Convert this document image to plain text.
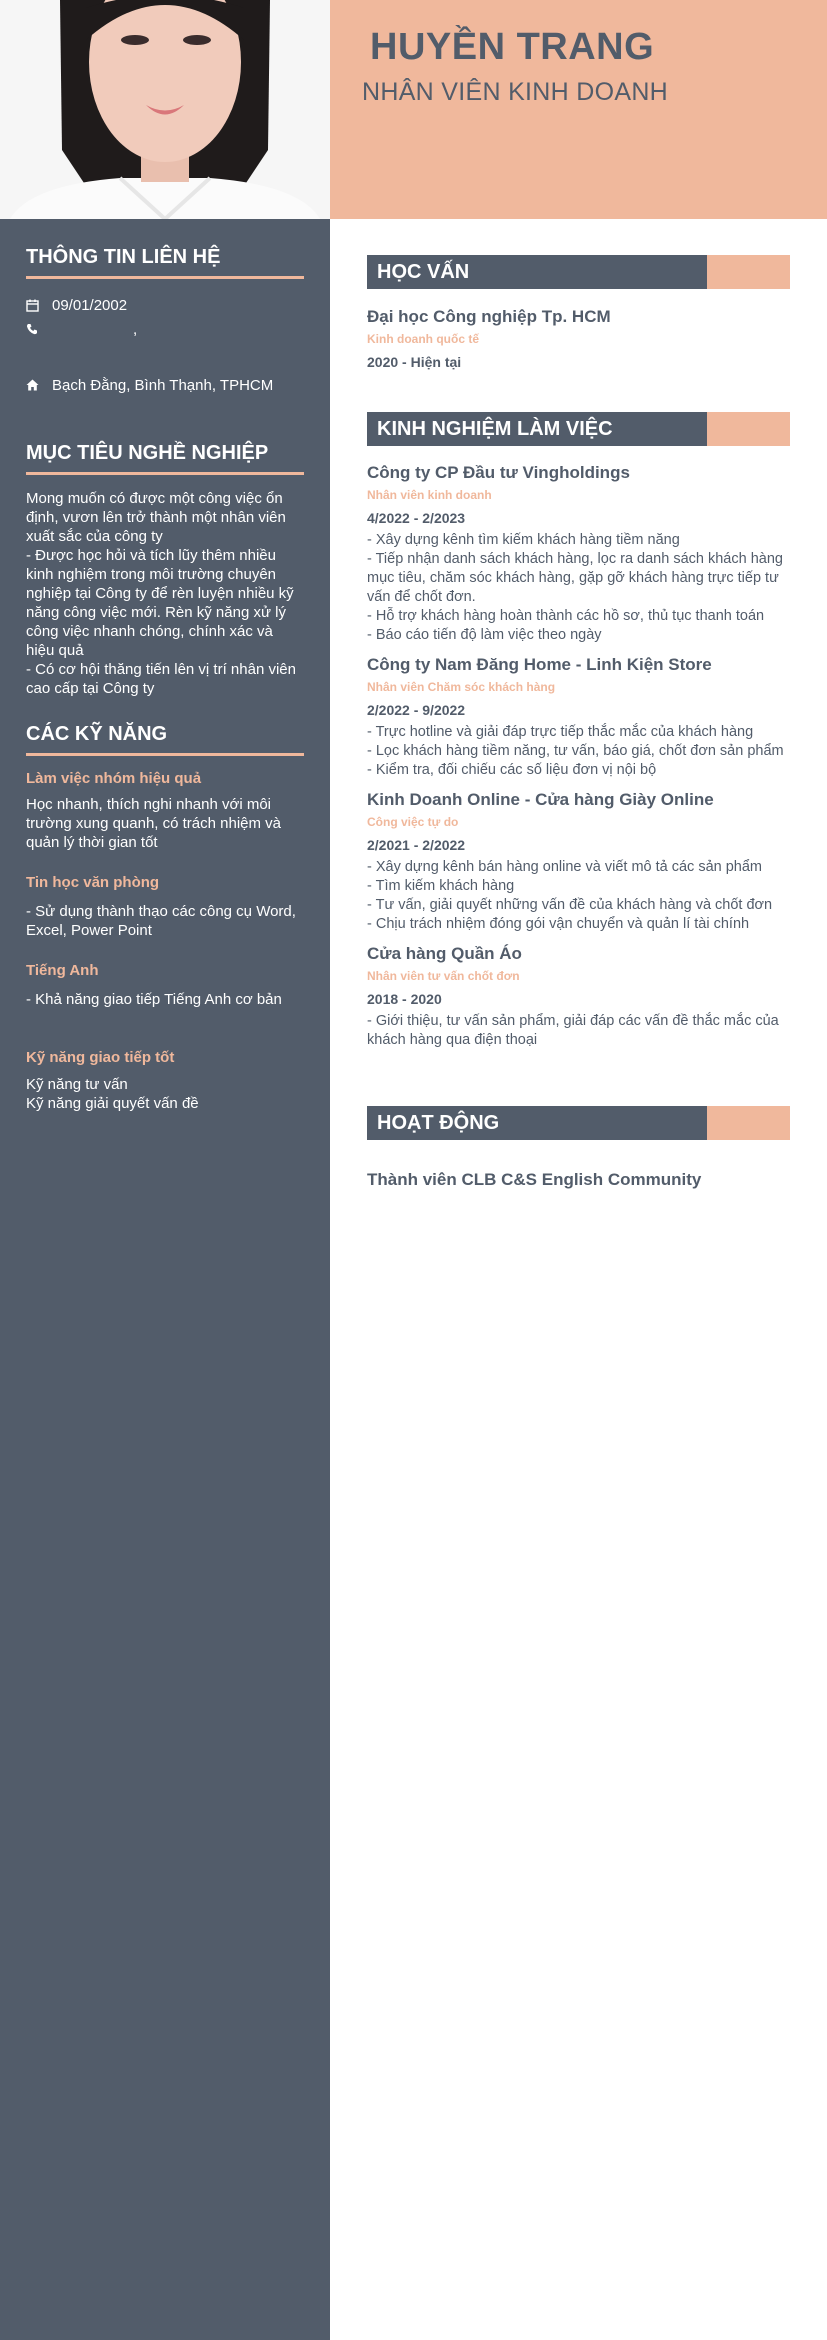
HUYỀN TRANG
NHÂN VIÊN KINH DOANH
THÔNG TIN LIÊN HỆ
09/01/2002
,
Bạch Đằng, Bình Thạnh, TPHCM
MỤC TIÊU NGHỀ NGHIỆP
Mong muốn có được một công việc ổn định, vươn lên trở thành một nhân viên xuất sắc của công ty
- Được học hỏi và tích lũy thêm nhiều kinh nghiệm trong môi trường chuyên nghiệp tại Công ty để rèn luyện nhiều kỹ năng công việc mới. Rèn kỹ năng xử lý công việc nhanh chóng, chính xác và hiệu quả
- Có cơ hội thăng tiến lên vị trí nhân viên cao cấp tại Công ty
CÁC KỸ NĂNG
Làm việc nhóm hiệu quả
Học nhanh, thích nghi nhanh với môi trường xung quanh, có trách nhiệm và quản lý thời gian tốt
Tin học văn phòng
- Sử dụng thành thạo các công cụ Word, Excel, Power Point
Tiếng Anh
- Khả năng giao tiếp Tiếng Anh cơ bản
Kỹ năng giao tiếp tốt
Kỹ năng tư vấn
Kỹ năng giải quyết vấn đề
HỌC VẤN
Đại học Công nghiệp Tp. HCM
Kinh doanh quốc tế
2020 - Hiện tại
KINH NGHIỆM LÀM VIỆC
Công ty CP Đầu tư Vingholdings
Nhân viên kinh doanh
4/2022 - 2/2023
- Xây dựng kênh tìm kiếm khách hàng tiềm năng
- Tiếp nhận danh sách khách hàng, lọc ra danh sách khách hàng mục tiêu, chăm sóc khách hàng, gặp gỡ khách hàng trực tiếp tư vấn để chốt đơn.
- Hỗ trợ khách hàng hoàn thành các hồ sơ, thủ tục thanh toán
- Báo cáo tiến độ làm việc theo ngày
Công ty Nam Đăng Home - Linh Kiện Store
Nhân viên Chăm sóc khách hàng
2/2022 - 9/2022
- Trực hotline và giải đáp trực tiếp thắc mắc của khách hàng
- Lọc khách hàng tiềm năng, tư vấn, báo giá, chốt đơn sản phẩm
- Kiểm tra, đối chiếu các số liệu đơn vị nội bộ
Kinh Doanh Online - Cửa hàng Giày Online
Công việc tự do
2/2021 - 2/2022
- Xây dựng kênh bán hàng online và viết mô tả các sản phẩm
- Tìm kiếm khách hàng
- Tư vấn, giải quyết những vấn đề của khách hàng và chốt đơn
- Chịu trách nhiệm đóng gói vận chuyển và quản lí tài chính
Cửa hàng Quần Áo
Nhân viên tư vấn chốt đơn
2018 - 2020
- Giới thiệu, tư vấn sản phẩm, giải đáp các vấn đề thắc mắc của khách hàng qua điện thoại
HOẠT ĐỘNG
Thành viên CLB C&S English Community
